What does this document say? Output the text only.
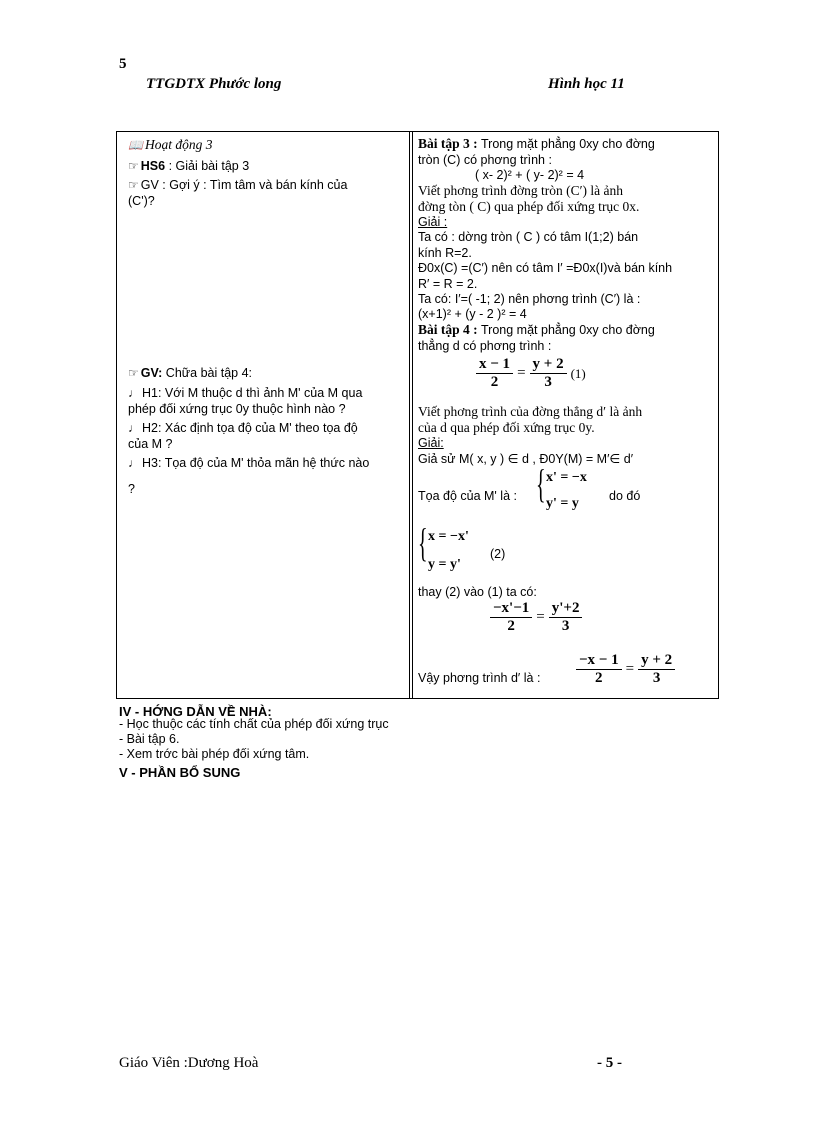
5
TTGDTX Phước long	Hình học 11
📖 Hoạt động 3
☞ HS6 : Giải bài tập 3
☞ GV : Gợi ý : Tìm tâm và bán kính của
(C')?
☞ GV: Chữa bài tập 4:
♩ H1: Với M thuộc d thì ảnh M' của M qua
phép đối xứng trục 0y thuộc hình nào ?
♩ H2: Xác định tọa độ của M' theo tọa độ
của M ?
♩ H3: Tọa độ của M' thỏa mãn hệ thức nào
?
Bài tập 3 : Trong mặt phẳng 0xy cho đờng
tròn (C) có phơng trình :
( x- 2)² + ( y- 2)² = 4
Viết phơng trình đờng tròn (C′) là ảnh
đờng tòn ( C) qua phép đối xứng trục 0x.
Giải :
Ta có : dờng tròn ( C ) có tâm I(1;2) bán
kính R=2.
Đ0x(C) =(C′) nên có tâm I′ =Đ0x(I)và bán kính
R′ = R = 2.
Ta có: I′=( -1; 2) nên phơng trình (C′) là :
(x+1)² + (y - 2 )² = 4
Bài tập 4 : Trong mặt phẳng 0xy cho đờng
thẳng d có phơng trình :
$\frac{x - 1}{2} = \frac{y + 2}{3} (1)$
Viết phơng trình của đờng thẳng d′ là ảnh
của d qua phép đối xứng trục 0y.
Giải:
Giả sử M( x, y ) ∈ d , Đ0Y(M) = M′∈ d′
Tọa độ của M' là : { x' = −x
y' = y do đó
{ x = −x'
y = y'
(2)
thay (2) vào (1) ta có:
$\frac{-x'-1}{2} = \frac{y'+2}{3}$
Vậy phơng trình d′ là : $\frac{-x - 1}{2} = \frac{y + 2}{3}$
IV - HỚNG DẪN VỀ NHÀ:
- Học thuộc các tính chất của phép đối xứng trục
- Bài tập 6.
- Xem trớc bài phép đối xứng tâm.
V - PHẦN BỔ SUNG
Giáo Viên :Dương Hoà	- 5 -
